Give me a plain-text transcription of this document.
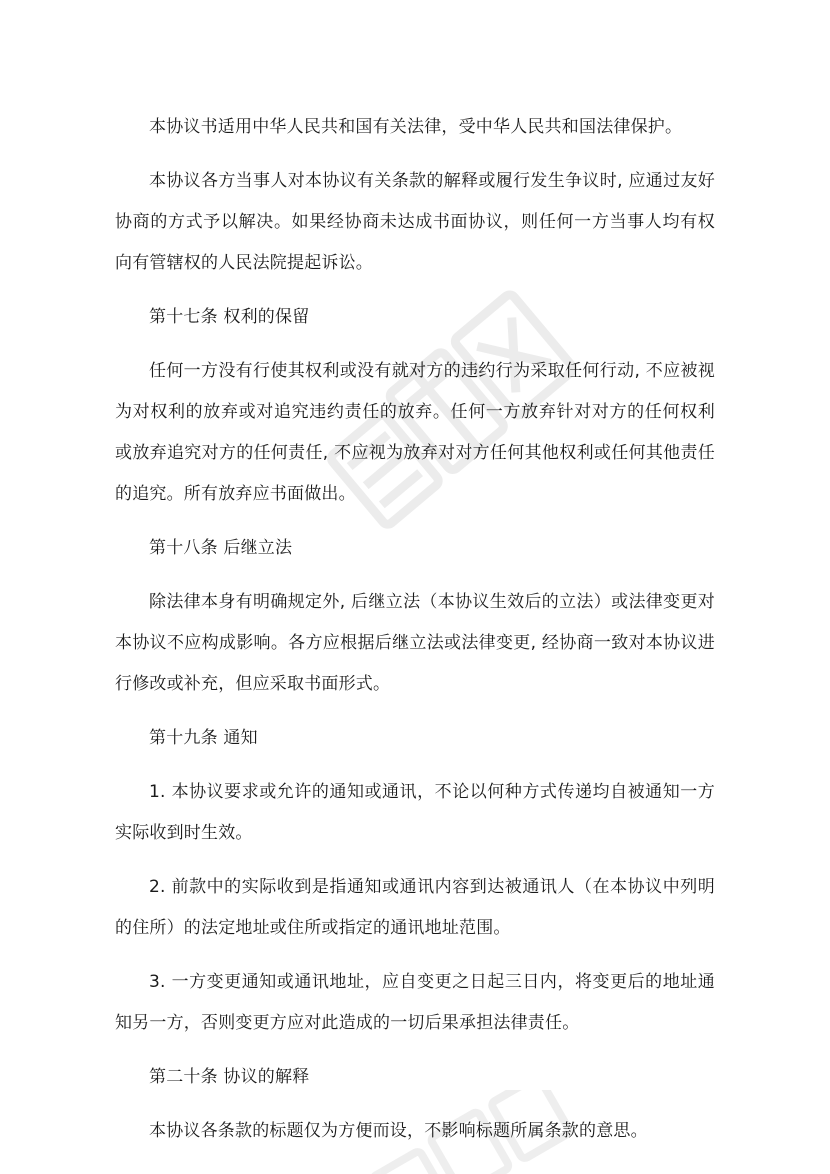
本协议书适用中华人民共和国有关法律，受中华人民共和国法律保护。

本协议各方当事人对本协议有关条款的解释或履行发生争议时, 应通过友好协商的方式予以解决。如果经协商未达成书面协议，则任何一方当事人均有权向有管辖权的人民法院提起诉讼。

第十七条 权利的保留

任何一方没有行使其权利或没有就对方的违约行为采取任何行动, 不应被视为对权利的放弃或对追究违约责任的放弃。任何一方放弃针对对方的任何权利或放弃追究对方的任何责任, 不应视为放弃对对方任何其他权利或任何其他责任的追究。所有放弃应书面做出。

第十八条 后继立法

除法律本身有明确规定外, 后继立法（本协议生效后的立法）或法律变更对本协议不应构成影响。各方应根据后继立法或法律变更, 经协商一致对本协议进行修改或补充，但应采取书面形式。

第十九条 通知

1. 本协议要求或允许的通知或通讯，不论以何种方式传递均自被通知一方实际收到时生效。

2. 前款中的实际收到是指通知或通讯内容到达被通讯人（在本协议中列明的住所）的法定地址或住所或指定的通讯地址范围。

3. 一方变更通知或通讯地址，应自变更之日起三日内，将变更后的地址通知另一方，否则变更方应对此造成的一切后果承担法律责任。

第二十条 协议的解释

本协议各条款的标题仅为方便而设，不影响标题所属条款的意思。
